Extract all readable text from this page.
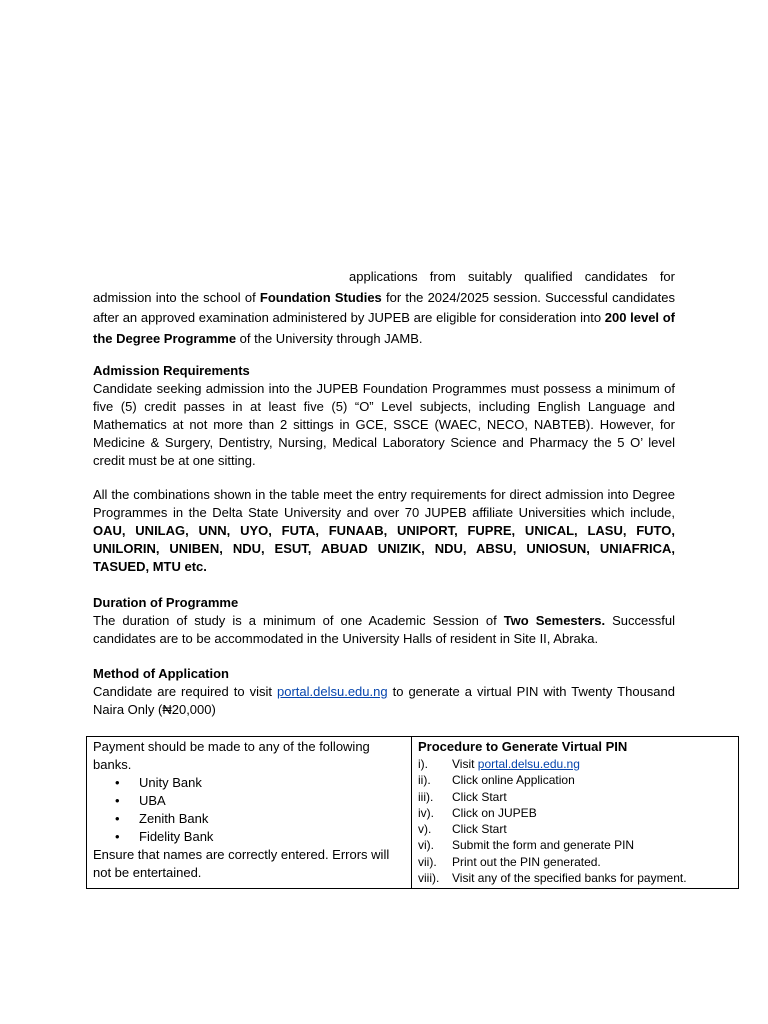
applications from suitably qualified candidates for admission into the school of Foundation Studies for the 2024/2025 session. Successful candidates after an approved examination administered by JUPEB are eligible for consideration into 200 level of the Degree Programme of the University through JAMB.
Admission Requirements
Candidate seeking admission into the JUPEB Foundation Programmes must possess a minimum of five (5) credit passes in at least five (5) “O” Level subjects, including English Language and Mathematics at not more than 2 sittings in GCE, SSCE (WAEC, NECO, NABTEB). However, for Medicine & Surgery, Dentistry, Nursing, Medical Laboratory Science and Pharmacy the 5 O’ level credit must be at one sitting.
All the combinations shown in the table meet the entry requirements for direct admission into Degree Programmes in the Delta State University and over 70 JUPEB affiliate Universities which include, OAU, UNILAG, UNN, UYO, FUTA, FUNAAB, UNIPORT, FUPRE, UNICAL, LASU, FUTO, UNILORIN, UNIBEN, NDU, ESUT, ABUAD UNIZIK, NDU, ABSU, UNIOSUN, UNIAFRICA, TASUED, MTU etc.
Duration of Programme
The duration of study is a minimum of one Academic Session of Two Semesters. Successful candidates are to be accommodated in the University Halls of resident in Site II, Abraka.
Method of Application
Candidate are required to visit portal.delsu.edu.ng to generate a virtual PIN with Twenty Thousand Naira Only (₦20,000)
Payment should be made to any of the following banks.
• Unity Bank
• UBA
• Zenith Bank
• Fidelity Bank
Ensure that names are correctly entered. Errors will not be entertained.

Procedure to Generate Virtual PIN
i).	Visit portal.delsu.edu.ng
ii).	Click online Application
iii).	Click Start
iv).	Click on JUPEB
v).	Click Start
vi).	Submit the form and generate PIN
vii).	Print out the PIN generated.
viii).	Visit any of the specified banks for payment.
